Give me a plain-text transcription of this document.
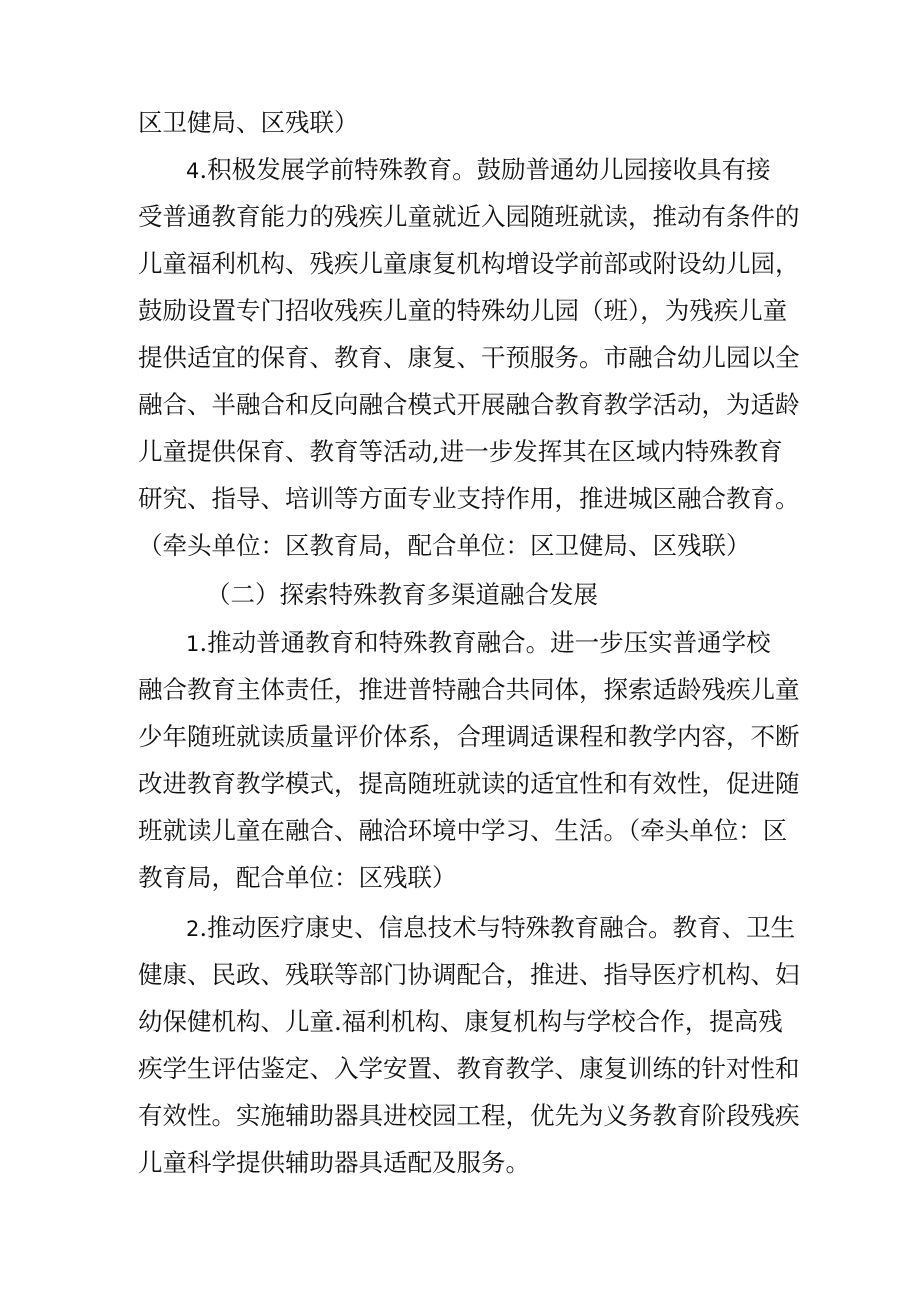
区卫健局、区残联）
4.积极发展学前特殊教育。鼓励普通幼儿园接收具有接
受普通教育能力的残疾儿童就近入园随班就读，推动有条件的
儿童福利机构、残疾儿童康复机构增设学前部或附设幼儿园，
鼓励设置专门招收残疾儿童的特殊幼儿园（班），为残疾儿童
提供适宜的保育、教育、康复、干预服务。市融合幼儿园以全
融合、半融合和反向融合模式开展融合教育教学活动，为适龄
儿童提供保育、教育等活动,进一步发挥其在区域内特殊教育
研究、指导、培训等方面专业支持作用，推进城区融合教育。
（牵头单位：区教育局，配合单位：区卫健局、区残联）
（二）探索特殊教育多渠道融合发展
1.推动普通教育和特殊教育融合。进一步压实普通学校
融合教育主体责任，推进普特融合共同体，探索适龄残疾儿童
少年随班就读质量评价体系，合理调适课程和教学内容，不断
改进教育教学模式，提高随班就读的适宜性和有效性，促进随
班就读儿童在融合、融洽环境中学习、生活。（牵头单位：区
教育局，配合单位：区残联）
2.推动医疗康史、信息技术与特殊教育融合。教育、卫生
健康、民政、残联等部门协调配合，推进、指导医疗机构、妇
幼保健机构、儿童.福利机构、康复机构与学校合作，提高残
疾学生评估鉴定、入学安置、教育教学、康复训练的针对性和
有效性。实施辅助器具进校园工程，优先为义务教育阶段残疾
儿童科学提供辅助器具适配及服务。
